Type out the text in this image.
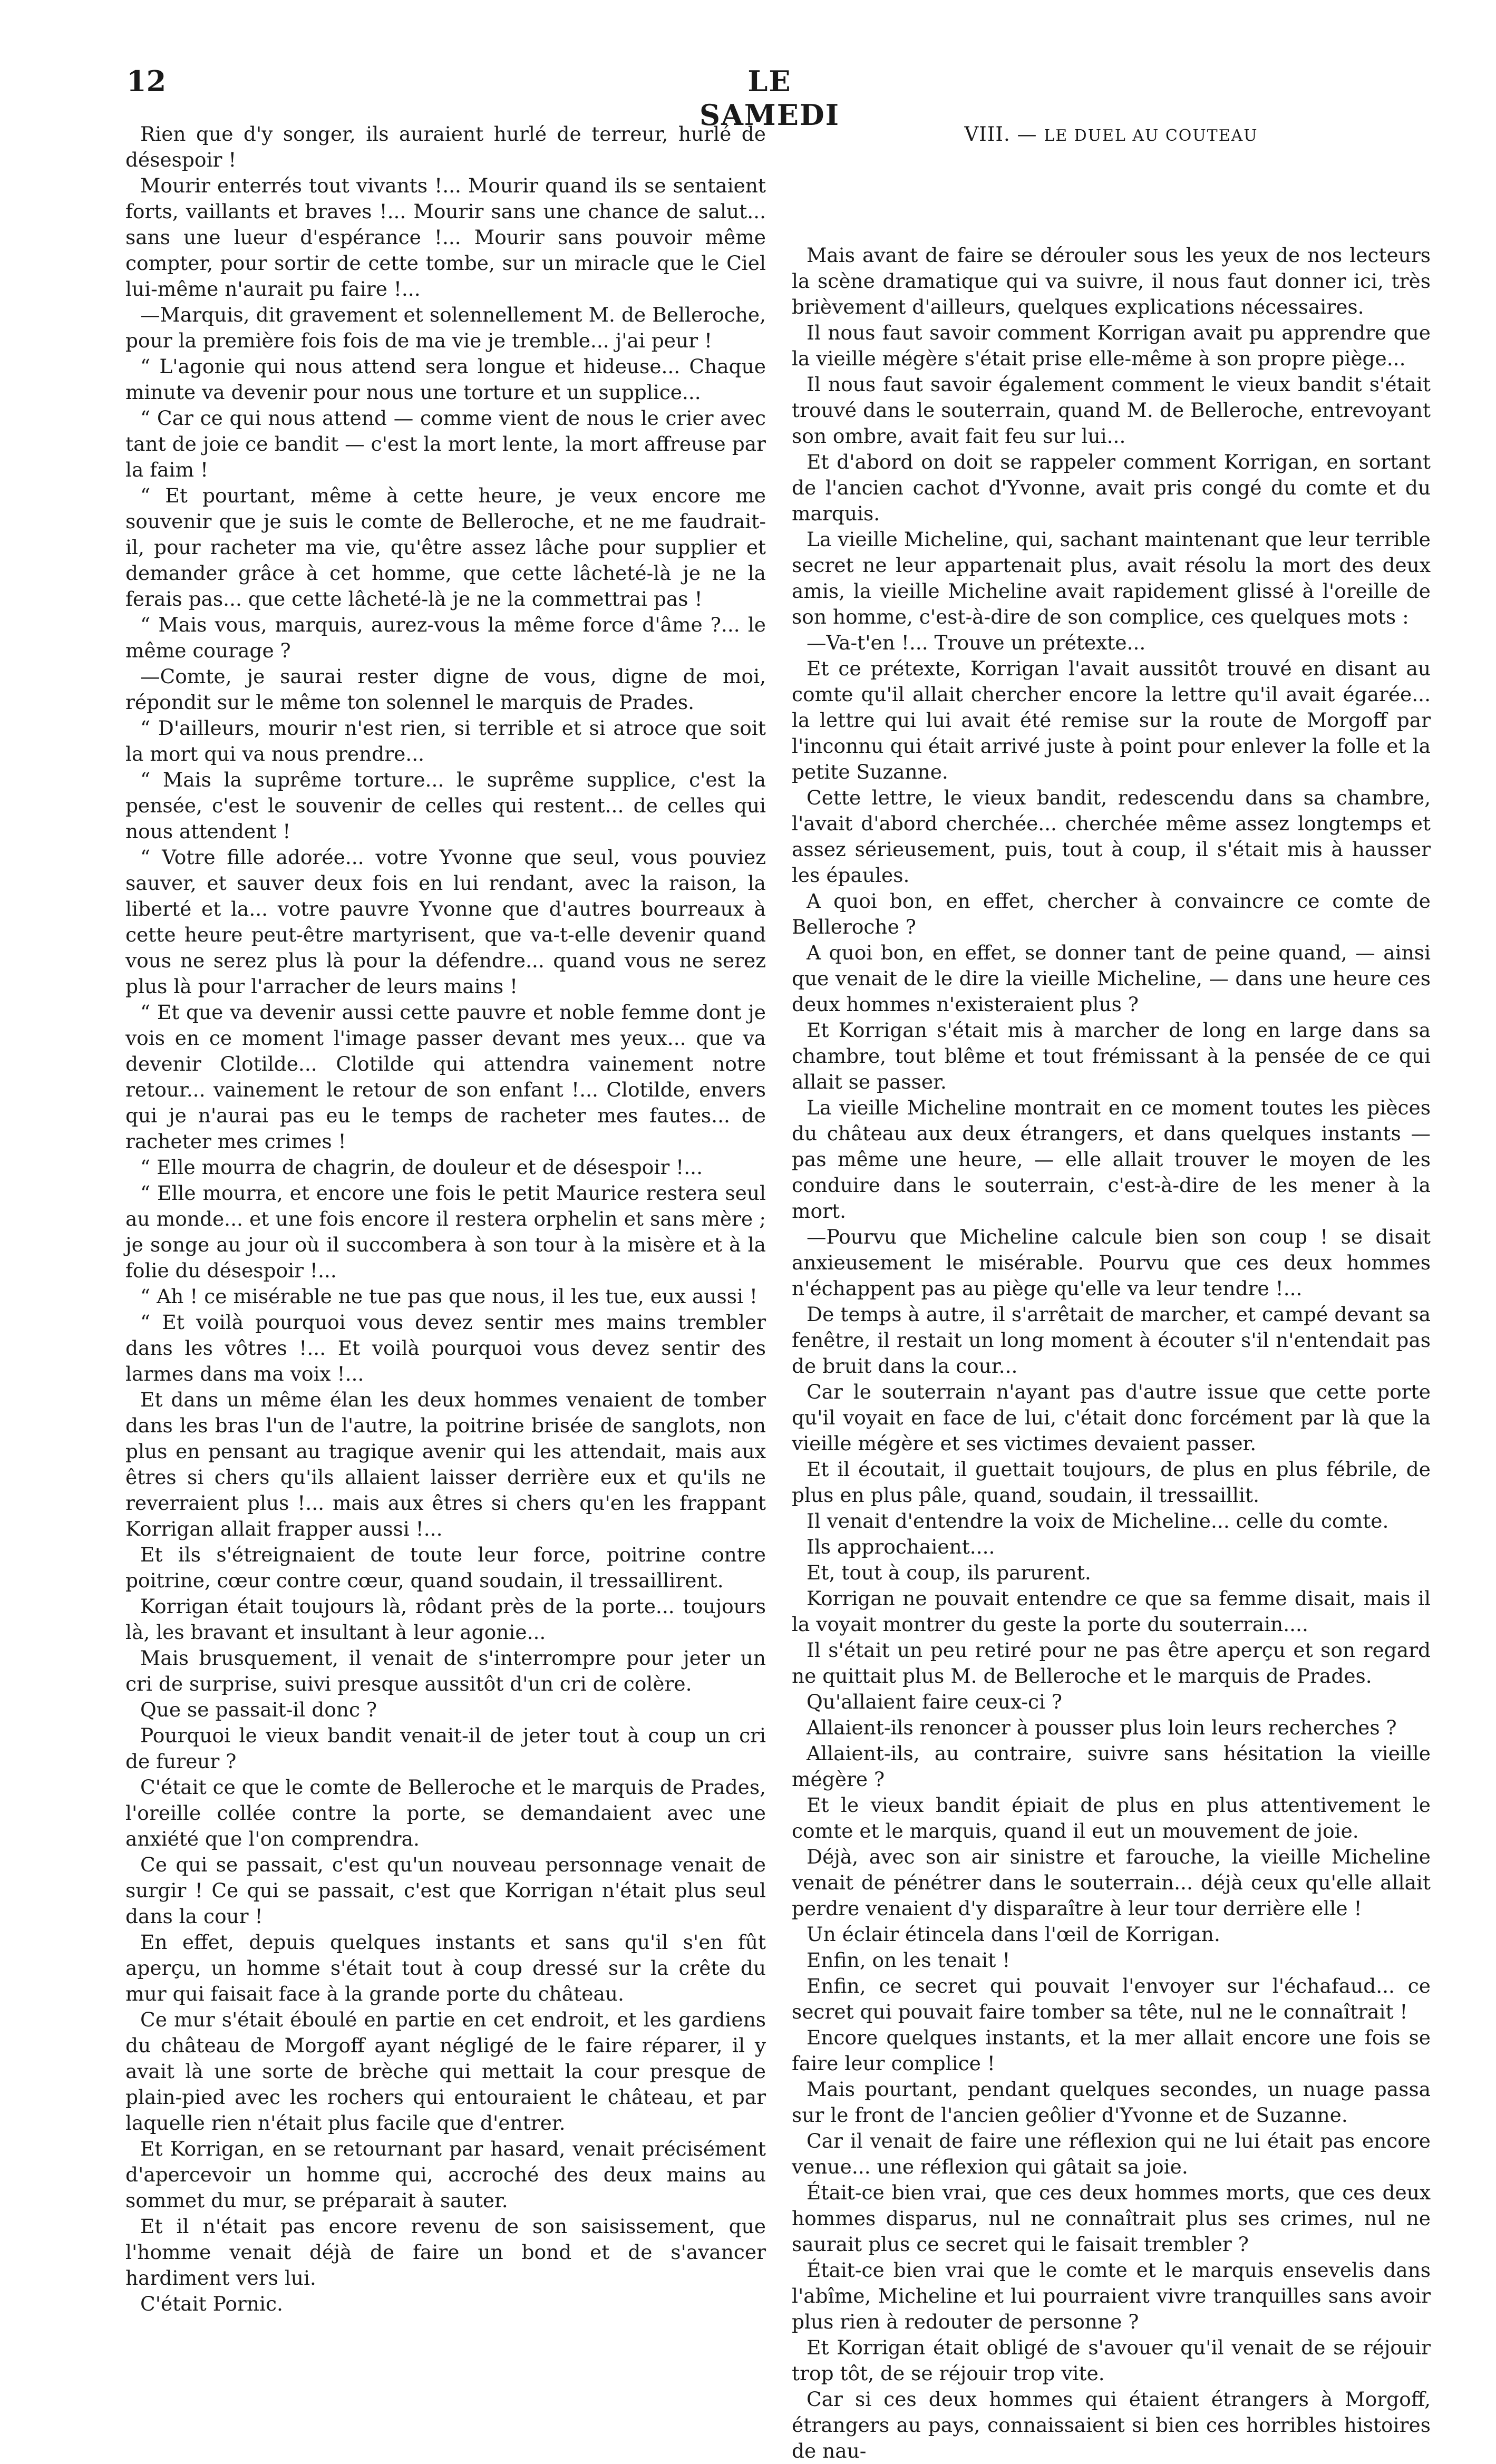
12	LE SAMEDI

Rien que d'y songer, ils auraient hurlé de terreur, hurlé de désespoir !

Mourir enterrés tout vivants !... Mourir quand ils se sentaient forts, vaillants et braves !... Mourir sans une chance de salut... sans une lueur d'espérance !... Mourir sans pouvoir même compter, pour sortir de cette tombe, sur un miracle que le Ciel lui-même n'aurait pu faire !...

—Marquis, dit gravement et solennellement M. de Belleroche, pour la première fois fois de ma vie je tremble... j'ai peur !

“ L'agonie qui nous attend sera longue et hideuse... Chaque minute va devenir pour nous une torture et un supplice...

“ Car ce qui nous attend — comme vient de nous le crier avec tant de joie ce bandit — c'est la mort lente, la mort affreuse par la faim !

“ Et pourtant, même à cette heure, je veux encore me souvenir que je suis le comte de Belleroche, et ne me faudrait-il, pour racheter ma vie, qu'être assez lâche pour supplier et demander grâce à cet homme, que cette lâcheté-là je ne la ferais pas... que cette lâcheté-là je ne la commettrai pas !

“ Mais vous, marquis, aurez-vous la même force d'âme ?... le même courage ?

—Comte, je saurai rester digne de vous, digne de moi, répondit sur le même ton solennel le marquis de Prades.

“ D'ailleurs, mourir n'est rien, si terrible et si atroce que soit la mort qui va nous prendre...

“ Mais la suprême torture... le suprême supplice, c'est la pensée, c'est le souvenir de celles qui restent... de celles qui nous attendent !

“ Votre fille adorée... votre Yvonne que seul, vous pouviez sauver, et sauver deux fois en lui rendant, avec la raison, la liberté et la... votre pauvre Yvonne que d'autres bourreaux à cette heure peut-être martyrisent, que va-t-elle devenir quand vous ne serez plus là pour la défendre... quand vous ne serez plus là pour l'arracher de leurs mains !

“ Et que va devenir aussi cette pauvre et noble femme dont je vois en ce moment l'image passer devant mes yeux... que va devenir Clotilde... Clotilde qui attendra vainement notre retour... vainement le retour de son enfant !... Clotilde, envers qui je n'aurai pas eu le temps de racheter mes fautes... de racheter mes crimes !

“ Elle mourra de chagrin, de douleur et de désespoir !...

“ Elle mourra, et encore une fois le petit Maurice restera seul au monde... et une fois encore il restera orphelin et sans mère ; je songe au jour où il succombera à son tour à la misère et à la folie du désespoir !...

“ Ah ! ce misérable ne tue pas que nous, il les tue, eux aussi !

“ Et voilà pourquoi vous devez sentir mes mains trembler dans les vôtres !... Et voilà pourquoi vous devez sentir des larmes dans ma voix !...

Et dans un même élan les deux hommes venaient de tomber dans les bras l'un de l'autre, la poitrine brisée de sanglots, non plus en pensant au tragique avenir qui les attendait, mais aux êtres si chers qu'ils allaient laisser derrière eux et qu'ils ne reverraient plus !... mais aux êtres si chers qu'en les frappant Korrigan allait frapper aussi !...

Et ils s'étreignaient de toute leur force, poitrine contre poitrine, cœur contre cœur, quand soudain, il tressaillirent.

Korrigan était toujours là, rôdant près de la porte... toujours là, les bravant et insultant à leur agonie...

Mais brusquement, il venait de s'interrompre pour jeter un cri de surprise, suivi presque aussitôt d'un cri de colère.

Que se passait-il donc ?

Pourquoi le vieux bandit venait-il de jeter tout à coup un cri de fureur ?

C'était ce que le comte de Belleroche et le marquis de Prades, l'oreille collée contre la porte, se demandaient avec une anxiété que l'on comprendra.

Ce qui se passait, c'est qu'un nouveau personnage venait de surgir ! Ce qui se passait, c'est que Korrigan n'était plus seul dans la cour !

En effet, depuis quelques instants et sans qu'il s'en fût aperçu, un homme s'était tout à coup dressé sur la crête du mur qui faisait face à la grande porte du château.

Ce mur s'était éboulé en partie en cet endroit, et les gardiens du château de Morgoff ayant négligé de le faire réparer, il y avait là une sorte de brèche qui mettait la cour presque de plain-pied avec les rochers qui entouraient le château, et par laquelle rien n'était plus facile que d'entrer.

Et Korrigan, en se retournant par hasard, venait précisément d'apercevoir un homme qui, accroché des deux mains au sommet du mur, se préparait à sauter.

Et il n'était pas encore revenu de son saisissement, que l'homme venait déjà de faire un bond et de s'avancer hardiment vers lui.

C'était Pornic.

VIII. — LE DUEL AU COUTEAU

Mais avant de faire se dérouler sous les yeux de nos lecteurs la scène dramatique qui va suivre, il nous faut donner ici, très brièvement d'ailleurs, quelques explications nécessaires.

Il nous faut savoir comment Korrigan avait pu apprendre que la vieille mégère s'était prise elle-même à son propre piège...

Il nous faut savoir également comment le vieux bandit s'était trouvé dans le souterrain, quand M. de Belleroche, entrevoyant son ombre, avait fait feu sur lui...

Et d'abord on doit se rappeler comment Korrigan, en sortant de l'ancien cachot d'Yvonne, avait pris congé du comte et du marquis.

La vieille Micheline, qui, sachant maintenant que leur terrible secret ne leur appartenait plus, avait résolu la mort des deux amis, la vieille Micheline avait rapidement glissé à l'oreille de son homme, c'est-à-dire de son complice, ces quelques mots :

—Va-t'en !... Trouve un prétexte...

Et ce prétexte, Korrigan l'avait aussitôt trouvé en disant au comte qu'il allait chercher encore la lettre qu'il avait égarée... la lettre qui lui avait été remise sur la route de Morgoff par l'inconnu qui était arrivé juste à point pour enlever la folle et la petite Suzanne.

Cette lettre, le vieux bandit, redescendu dans sa chambre, l'avait d'abord cherchée... cherchée même assez longtemps et assez sérieusement, puis, tout à coup, il s'était mis à hausser les épaules.

A quoi bon, en effet, chercher à convaincre ce comte de Belleroche ?

A quoi bon, en effet, se donner tant de peine quand, — ainsi que venait de le dire la vieille Micheline, — dans une heure ces deux hommes n'existeraient plus ?

Et Korrigan s'était mis à marcher de long en large dans sa chambre, tout blême et tout frémissant à la pensée de ce qui allait se passer.

La vieille Micheline montrait en ce moment toutes les pièces du château aux deux étrangers, et dans quelques instants — pas même une heure, — elle allait trouver le moyen de les conduire dans le souterrain, c'est-à-dire de les mener à la mort.

—Pourvu que Micheline calcule bien son coup ! se disait anxieusement le misérable. Pourvu que ces deux hommes n'échappent pas au piège qu'elle va leur tendre !...

De temps à autre, il s'arrêtait de marcher, et campé devant sa fenêtre, il restait un long moment à écouter s'il n'entendait pas de bruit dans la cour...

Car le souterrain n'ayant pas d'autre issue que cette porte qu'il voyait en face de lui, c'était donc forcément par là que la vieille mégère et ses victimes devaient passer.

Et il écoutait, il guettait toujours, de plus en plus fébrile, de plus en plus pâle, quand, soudain, il tressaillit.

Il venait d'entendre la voix de Micheline... celle du comte.

Ils approchaient....

Et, tout à coup, ils parurent.

Korrigan ne pouvait entendre ce que sa femme disait, mais il la voyait montrer du geste la porte du souterrain....

Il s'était un peu retiré pour ne pas être aperçu et son regard ne quittait plus M. de Belleroche et le marquis de Prades.

Qu'allaient faire ceux-ci ?

Allaient-ils renoncer à pousser plus loin leurs recherches ?

Allaient-ils, au contraire, suivre sans hésitation la vieille mégère ?

Et le vieux bandit épiait de plus en plus attentivement le comte et le marquis, quand il eut un mouvement de joie.

Déjà, avec son air sinistre et farouche, la vieille Micheline venait de pénétrer dans le souterrain... déjà ceux qu'elle allait perdre venaient d'y disparaître à leur tour derrière elle !

Un éclair étincela dans l'œil de Korrigan.

Enfin, on les tenait !

Enfin, ce secret qui pouvait l'envoyer sur l'échafaud... ce secret qui pouvait faire tomber sa tête, nul ne le connaîtrait !

Encore quelques instants, et la mer allait encore une fois se faire leur complice !

Mais pourtant, pendant quelques secondes, un nuage passa sur le front de l'ancien geôlier d'Yvonne et de Suzanne.

Car il venait de faire une réflexion qui ne lui était pas encore venue... une réflexion qui gâtait sa joie.

Était-ce bien vrai, que ces deux hommes morts, que ces deux hommes disparus, nul ne connaîtrait plus ses crimes, nul ne saurait plus ce secret qui le faisait trembler ?

Était-ce bien vrai que le comte et le marquis ensevelis dans l'abîme, Micheline et lui pourraient vivre tranquilles sans avoir plus rien à redouter de personne ?

Et Korrigan était obligé de s'avouer qu'il venait de se réjouir trop tôt, de se réjouir trop vite.

Car si ces deux hommes qui étaient étrangers à Morgoff, étrangers au pays, connaissaient si bien ces horribles histoires de nau-
